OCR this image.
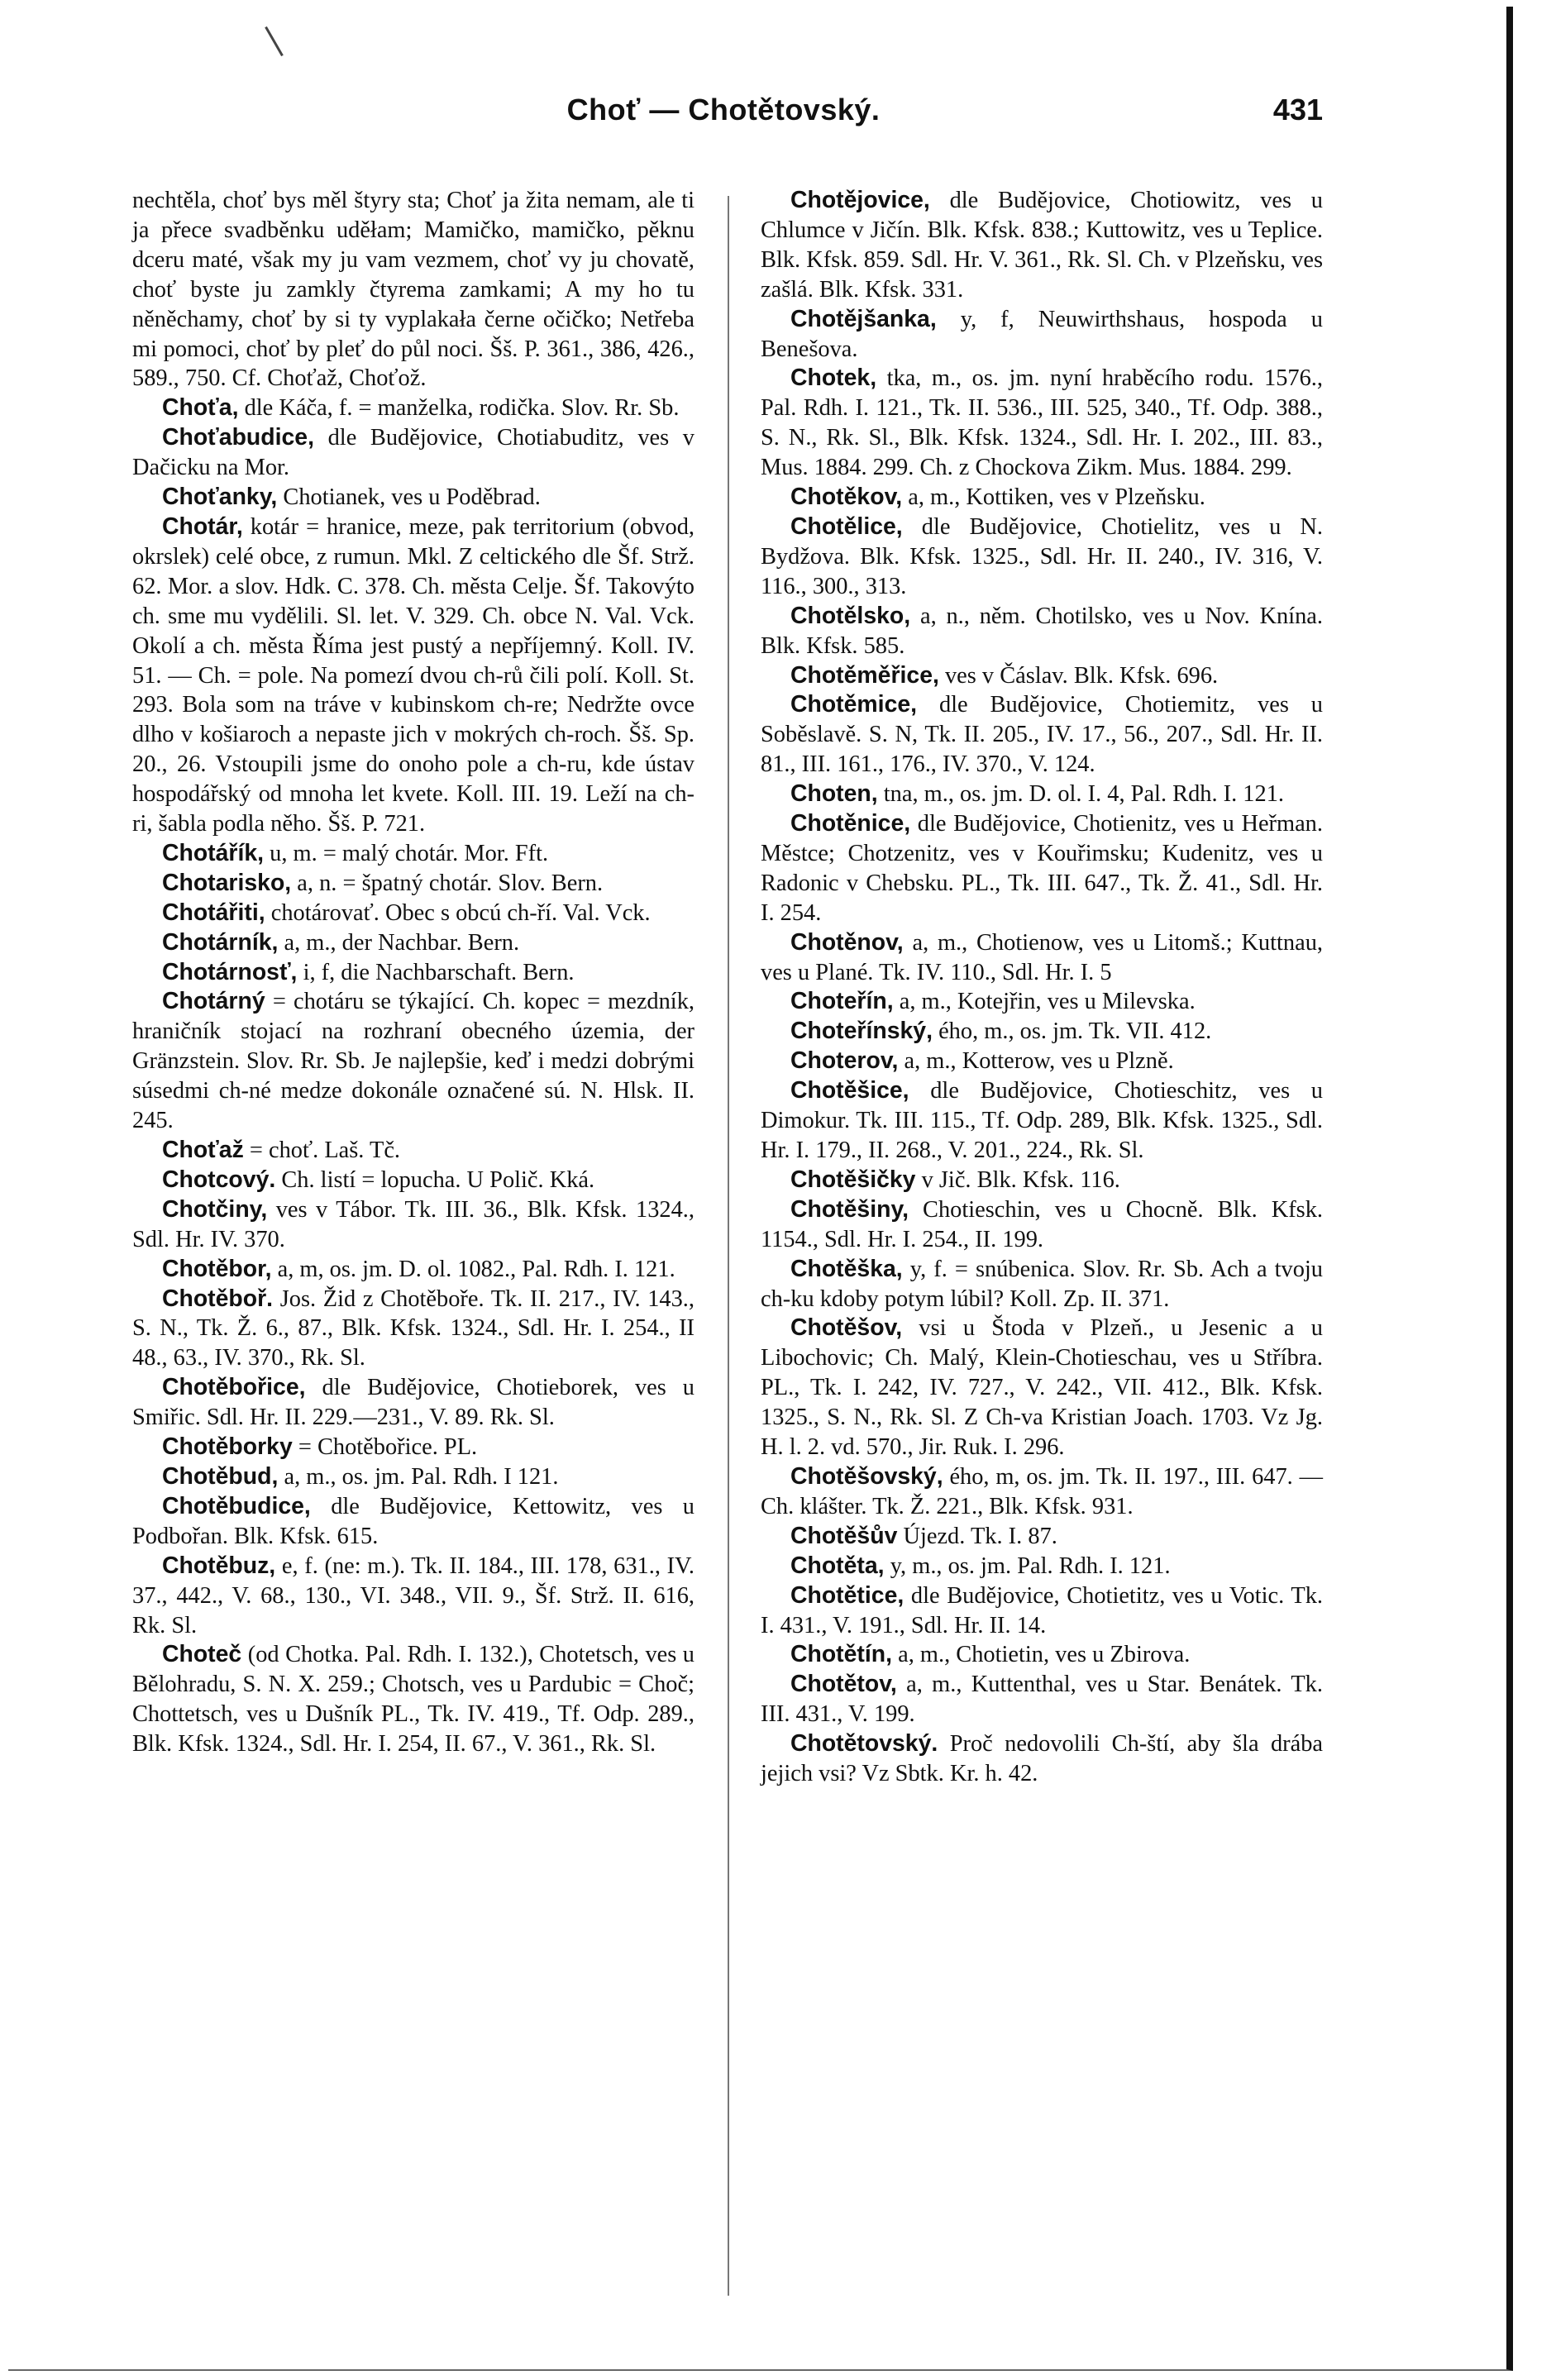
Choť — Chotětovský.	431

nechtěla, choť bys měl štyry sta; Choť ja žita nemam, ale ti ja přece svadběnku uděłam; Mamičko, mamičko, pěknu dceru maté, však my ju vam vezmem, choť vy ju chovatě, choť byste ju zamkly čtyrema zamkami; A my ho tu něněchamy, choť by si ty vyplakała černe očičko; Netřeba mi pomoci, choť by pleť do půl noci. Šš. P. 361., 386, 426., 589., 750. Cf. Choťaž, Choťož.

Choťa, dle Káča, f. = manželka, rodička. Slov. Rr. Sb.

Choťabudice, dle Budějovice, Chotiabuditz, ves v Dačicku na Mor.

Choťanky, Chotianek, ves u Poděbrad.

Chotár, kotár = hranice, meze, pak territorium (obvod, okrslek) celé obce, z rumun. Mkl. Z celtického dle Šf. Strž. 62. Mor. a slov. Hdk. C. 378. Ch. města Celje. Šf. Takovýto ch. sme mu vydělili. Sl. let. V. 329. Ch. obce N. Val. Vck. Okolí a ch. města Říma jest pustý a nepříjemný. Koll. IV. 51. — Ch. = pole. Na pomezí dvou ch-rů čili polí. Koll. St. 293. Bola som na tráve v kubinskom ch-re; Nedržte ovce dlho v košiaroch a nepaste jich v mokrých ch-roch. Šš. Sp. 20., 26. Vstoupili jsme do onoho pole a ch-ru, kde ústav hospodářský od mnoha let kvete. Koll. III. 19. Leží na ch-ri, šabla podla něho. Šš. P. 721.

Chotářík, u, m. = malý chotár. Mor. Fft.

Chotarisko, a, n. = špatný chotár. Slov. Bern.

Chotářiti, chotárovať. Obec s obcú ch-ří. Val. Vck.

Chotárník, a, m., der Nachbar. Bern.

Chotárnosť, i, f, die Nachbarschaft. Bern.

Chotárný = chotáru se týkající. Ch. kopec = mezdník, hraničník stojací na rozhraní obecného územia, der Gränzstein. Slov. Rr. Sb. Je najlepšie, keď i medzi dobrými súsedmi ch-né medze dokonále označené sú. N. Hlsk. II. 245.

Choťaž = choť. Laš. Tč.

Chotcový. Ch. listí = lopucha. U Polič. Kká.

Chotčiny, ves v Tábor. Tk. III. 36., Blk. Kfsk. 1324., Sdl. Hr. IV. 370.

Chotěbor, a, m, os. jm. D. ol. 1082., Pal. Rdh. I. 121.

Chotěboř. Jos. Žid z Chotěboře. Tk. II. 217., IV. 143., S. N., Tk. Ž. 6., 87., Blk. Kfsk. 1324., Sdl. Hr. I. 254., II 48., 63., IV. 370., Rk. Sl.

Chotěbořice, dle Budějovice, Chotieborek, ves u Smiřic. Sdl. Hr. II. 229.—231., V. 89. Rk. Sl.

Chotěborky = Chotěbořice. PL.

Chotěbud, a, m., os. jm. Pal. Rdh. I 121.

Chotěbudice, dle Budějovice, Kettowitz, ves u Podbořan. Blk. Kfsk. 615.

Chotěbuz, e, f. (ne: m.). Tk. II. 184., III. 178, 631., IV. 37., 442., V. 68., 130., VI. 348., VII. 9., Šf. Strž. II. 616, Rk. Sl.

Choteč (od Chotka. Pal. Rdh. I. 132.), Chotetsch, ves u Bělohradu, S. N. X. 259.; Chotsch, ves u Pardubic = Choč; Chottetsch, ves u Dušník PL., Tk. IV. 419., Tf. Odp. 289., Blk. Kfsk. 1324., Sdl. Hr. I. 254, II. 67., V. 361., Rk. Sl.

Chotějovice, dle Budějovice, Chotiowitz, ves u Chlumce v Jičín. Blk. Kfsk. 838.; Kuttowitz, ves u Teplice. Blk. Kfsk. 859. Sdl. Hr. V. 361., Rk. Sl. Ch. v Plzeňsku, ves zašlá. Blk. Kfsk. 331.

Chotějšanka, y, f, Neuwirthshaus, hospoda u Benešova.

Chotek, tka, m., os. jm. nyní hraběcího rodu. 1576., Pal. Rdh. I. 121., Tk. II. 536., III. 525, 340., Tf. Odp. 388., S. N., Rk. Sl., Blk. Kfsk. 1324., Sdl. Hr. I. 202., III. 83., Mus. 1884. 299. Ch. z Chockova Zikm. Mus. 1884. 299.

Chotěkov, a, m., Kottiken, ves v Plzeňsku.

Chotělice, dle Budějovice, Chotielitz, ves u N. Bydžova. Blk. Kfsk. 1325., Sdl. Hr. II. 240., IV. 316, V. 116., 300., 313.

Chotělsko, a, n., něm. Chotilsko, ves u Nov. Knína. Blk. Kfsk. 585.

Chotěměřice, ves v Čáslav. Blk. Kfsk. 696.

Chotěmice, dle Budějovice, Chotiemitz, ves u Soběslavě. S. N, Tk. II. 205., IV. 17., 56., 207., Sdl. Hr. II. 81., III. 161., 176., IV. 370., V. 124.

Choten, tna, m., os. jm. D. ol. I. 4, Pal. Rdh. I. 121.

Chotěnice, dle Budějovice, Chotienitz, ves u Heřman. Městce; Chotzenitz, ves v Kouřimsku; Kudenitz, ves u Radonic v Chebsku. PL., Tk. III. 647., Tk. Ž. 41., Sdl. Hr. I. 254.

Chotěnov, a, m., Chotienow, ves u Litomš.; Kuttnau, ves u Plané. Tk. IV. 110., Sdl. Hr. I. 5

Choteřín, a, m., Kotejřin, ves u Milevska.

Choteřínský, ého, m., os. jm. Tk. VII. 412.

Choterov, a, m., Kotterow, ves u Plzně.

Chotěšice, dle Budějovice, Chotieschitz, ves u Dimokur. Tk. III. 115., Tf. Odp. 289, Blk. Kfsk. 1325., Sdl. Hr. I. 179., II. 268., V. 201., 224., Rk. Sl.

Chotěšičky v Jič. Blk. Kfsk. 116.

Chotěšiny, Chotieschin, ves u Chocně. Blk. Kfsk. 1154., Sdl. Hr. I. 254., II. 199.

Chotěška, y, f. = snúbenica. Slov. Rr. Sb. Ach a tvoju ch-ku kdoby potym lúbil? Koll. Zp. II. 371.

Chotěšov, vsi u Štoda v Plzeň., u Jesenic a u Libochovic; Ch. Malý, Klein-Chotieschau, ves u Stříbra. PL., Tk. I. 242, IV. 727., V. 242., VII. 412., Blk. Kfsk. 1325., S. N., Rk. Sl. Z Ch-va Kristian Joach. 1703. Vz Jg. H. l. 2. vd. 570., Jir. Ruk. I. 296.

Chotěšovský, ého, m, os. jm. Tk. II. 197., III. 647. — Ch. klášter. Tk. Ž. 221., Blk. Kfsk. 931.

Chotěšův Újezd. Tk. I. 87.

Chotěta, y, m., os. jm. Pal. Rdh. I. 121.

Chotětice, dle Budějovice, Chotietitz, ves u Votic. Tk. I. 431., V. 191., Sdl. Hr. II. 14.

Chotětín, a, m., Chotietin, ves u Zbirova.

Chotětov, a, m., Kuttenthal, ves u Star. Benátek. Tk. III. 431., V. 199.

Chotětovský. Proč nedovolili Ch-ští, aby šla drába jejich vsi? Vz Sbtk. Kr. h. 42.
